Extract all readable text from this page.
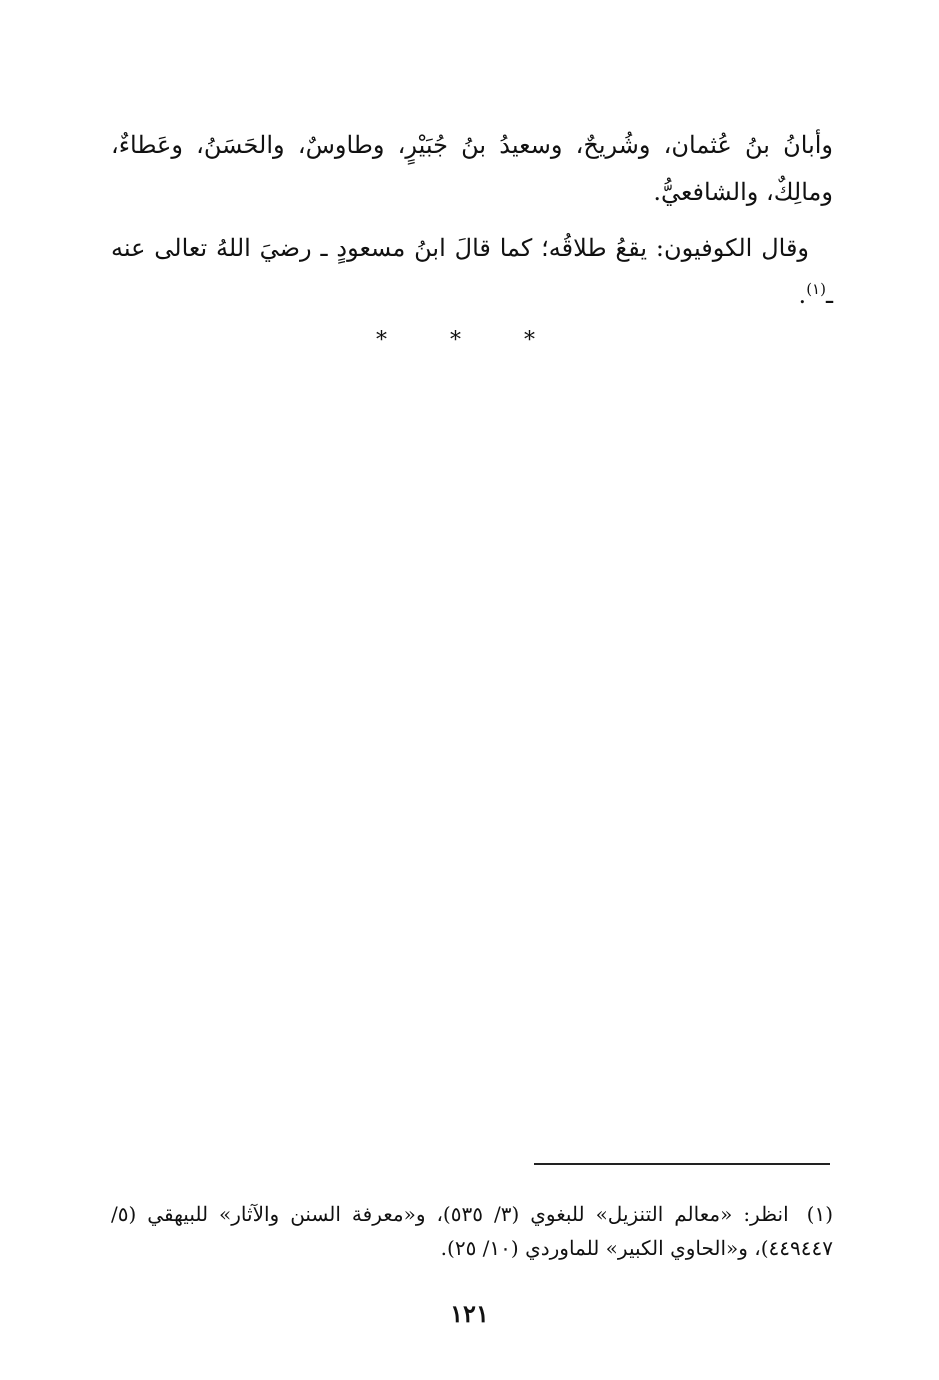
وأبانُ بنُ عُثمان، وشُريحٌ، وسعيدُ بنُ جُبَيْرٍ، وطاوسٌ، والحَسَنُ، وعَطاءٌ، ومالِكٌ، والشافعيُّ.

وقال الكوفيون: يقعُ طلاقُه؛ كما قالَ ابنُ مسعودٍ ـ رضيَ اللهُ تعالى عنه ـ$^{(١)}$.

* * *

(١)انظر: «معالم التنزيل» للبغوي (٣/ ٥٣٥)، و«معرفة السنن والآثار» للبيهقي (٥/ ٤٤٩٤٤٧)، و«الحاوي الكبير» للماوردي (١٠/ ٢٥).

١٢١
